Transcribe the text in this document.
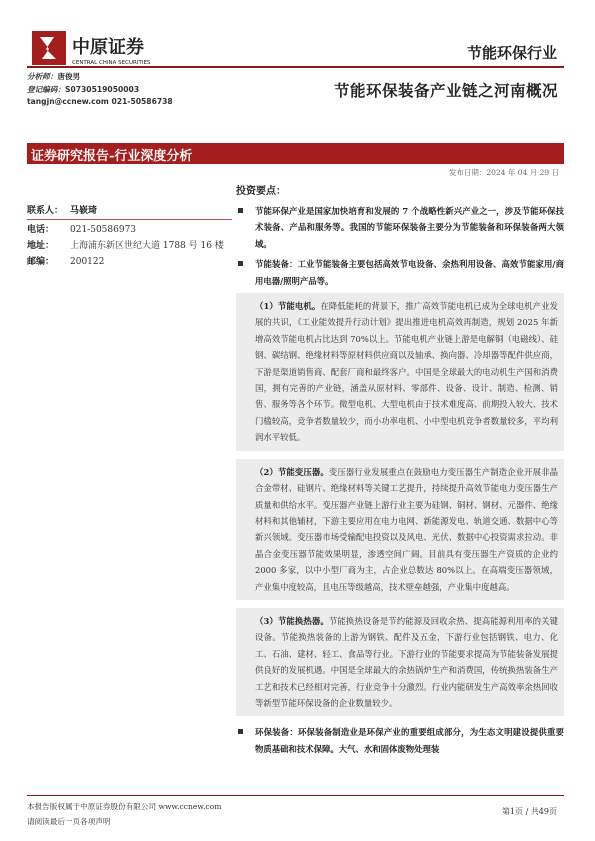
中原证券
CENTRAL CHINA SECURITIES
节能环保行业
分析师：唐俊男
登记编码：S0730519050003
tangjn@ccnew.com 021-50586738
节能环保装备产业链之河南概况
证券研究报告-行业深度分析
发布日期：2024 年 04 月 29 日
联系人： 马嵚琦
电话：	021-50586973
地址：	上海浦东新区世纪大道 1788 号 16 楼
邮编：	200122
投资要点：
节能环保产业是国家加快培育和发展的 7 个战略性新兴产业之一，涉及节能环保技术装备、产品和服务等。我国的节能环保装备主要分为节能装备和环保装备两大领域。
节能装备：工业节能装备主要包括高效节电设备、余热利用设备、高效节能家用/商用电器/照明产品等。
（1）节能电机。在降低能耗的背景下，推广高效节能电机已成为全球电机产业发展的共识，《工业能效提升行动计划》提出推进电机高效再制造，规划 2025 年新增高效节能电机占比达到 70%以上。节能电机产业链上游是电解铜（电磁线）、硅钢、碳结钢、绝缘材料等原材料供应商以及轴承、换向器、冷却器等配件供应商，下游是渠道销售商、配套厂商和最终客户。中国是全球最大的电动机生产国和消费国，拥有完善的产业链，涵盖从原材料、零部件、设备、设计、制造、检测、销售、服务等各个环节。微型电机、大型电机由于技术难度高、前期投入较大、技术门槛较高，竞争者数量较少，而小功率电机、小中型电机竞争者数量较多，平均利润水平较低。
（2）节能变压器。变压器行业发展重点在鼓励电力变压器生产制造企业开展非晶合金带材、硅钢片、绝缘材料等关键工艺提升，持续提升高效节能电力变压器生产质量和供给水平。变压器产业链上游行业主要为硅钢、铜材、钢材、元器件、绝缘材料和其他辅材，下游主要应用在电力电网、新能源发电、轨道交通、数据中心等新兴领域。变压器市场受输配电投资以及风电、光伏、数据中心投资需求拉动。非晶合金变压器节能效果明显，渗透空间广阔。目前具有变压器生产资质的企业约 2000 多家，以中小型厂商为主，占企业总数达 80%以上。在高端变压器领域，产业集中度较高，且电压等级越高，技术壁垒越强，产业集中度越高。
（3）节能换热器。节能换热设备是节约能源及回收余热、提高能源利用率的关键设备。节能换热装备的上游为钢铁、配件及五金，下游行业包括钢铁、电力、化工、石油、建材、轻工、食品等行业。下游行业的节能要求提高为节能装备发展提供良好的发展机遇。中国是全球最大的余热锅炉生产和消费国，传统换热装备生产工艺和技术已经相对完善，行业竞争十分激烈。行业内能研发生产高效率余热回收等新型节能环保设备的企业数量较少。
环保装备：环保装备制造业是环保产业的重要组成部分，为生态文明建设提供重要物质基础和技术保障。大气、水和固体废物处理装
本报告版权属于中原证券股份有限公司 www.ccnew.com
请阅读最后一页各项声明
第1页 / 共49页
